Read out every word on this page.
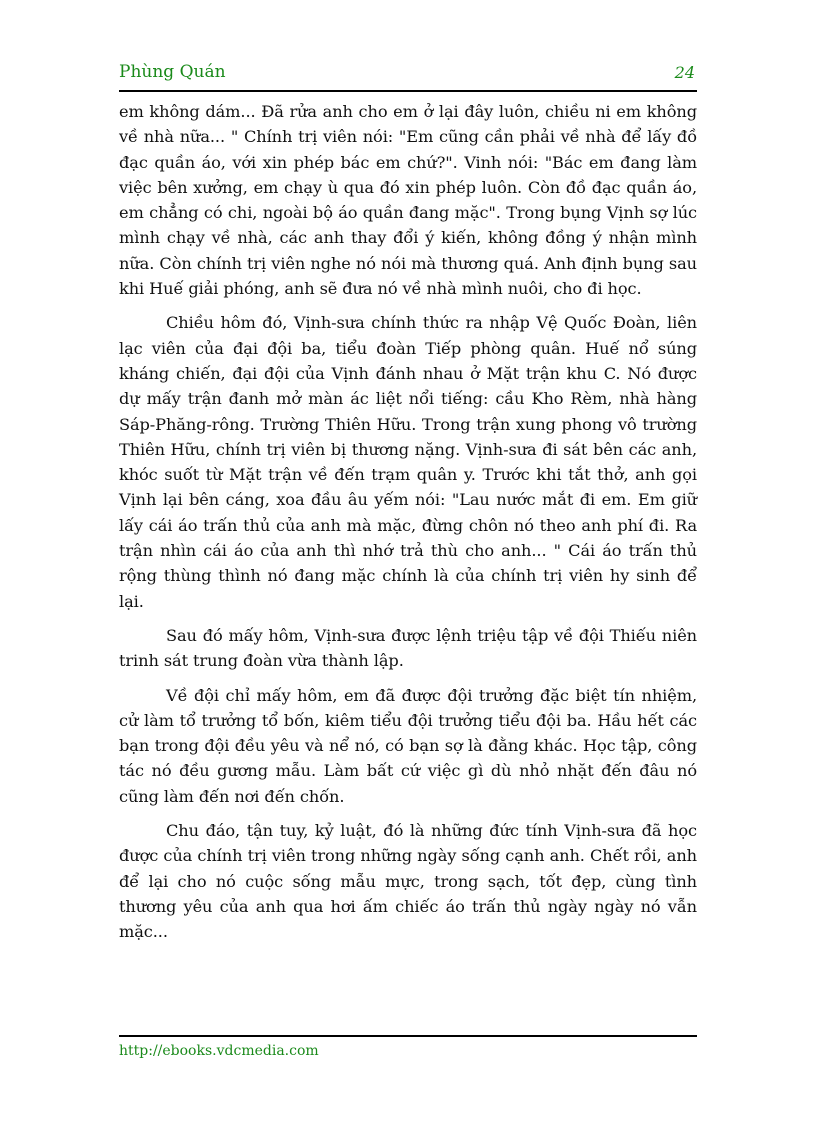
Phùng Quán	24

em không dám... Đã rửa anh cho em ở lại đây luôn, chiều ni em không về nhà nữa... " Chính trị viên nói: "Em cũng cần phải về nhà để lấy đồ đạc quần áo, với xin phép bác em chứ?". Vinh nói: "Bác em đang làm việc bên xưởng, em chạy ù qua đó xin phép luôn. Còn đồ đạc quần áo, em chẳng có chi, ngoài bộ áo quần đang mặc". Trong bụng Vịnh sợ lúc mình chạy về nhà, các anh thay đổi ý kiến, không đồng ý nhận mình nữa. Còn chính trị viên nghe nó nói mà thương quá. Anh định bụng sau khi Huế giải phóng, anh sẽ đưa nó về nhà mình nuôi, cho đi học.

Chiều hôm đó, Vịnh-sưa chính thức ra nhập Vệ Quốc Đoàn, liên lạc viên của đại đội ba, tiểu đoàn Tiếp phòng quân. Huế nổ súng kháng chiến, đại đội của Vịnh đánh nhau ở Mặt trận khu C. Nó được dự mấy trận đanh mở màn ác liệt nổi tiếng: cầu Kho Rèm, nhà hàng Sáp-Phăng-rông. Trường Thiên Hữu. Trong trận xung phong vô trường Thiên Hữu, chính trị viên bị thương nặng. Vịnh-sưa đi sát bên các anh, khóc suốt từ Mặt trận về đến trạm quân y. Trước khi tắt thở, anh gọi Vịnh lại bên cáng, xoa đầu âu yếm nói: "Lau nước mắt đi em. Em giữ lấy cái áo trấn thủ của anh mà mặc, đừng chôn nó theo anh phí đi. Ra trận nhìn cái áo của anh thì nhớ trả thù cho anh... " Cái áo trấn thủ rộng thùng thình nó đang mặc chính là của chính trị viên hy sinh để lại.

Sau đó mấy hôm, Vịnh-sưa được lệnh triệu tập về đội Thiếu niên trinh sát trung đoàn vừa thành lập.

Về đội chỉ mấy hôm, em đã được đội trưởng đặc biệt tín nhiệm, cử làm tổ trưởng tổ bốn, kiêm tiểu đội trưởng tiểu đội ba. Hầu hết các bạn trong đội đều yêu và nể nó, có bạn sợ là đằng khác. Học tập, công tác nó đều gương mẫu. Làm bất cứ việc gì dù nhỏ nhặt đến đâu nó cũng làm đến nơi đến chốn.

Chu đáo, tận tuy, kỷ luật, đó là những đức tính Vịnh-sưa đã học được của chính trị viên trong những ngày sống cạnh anh. Chết rồi, anh để lại cho nó cuộc sống mẫu mực, trong sạch, tốt đẹp, cùng tình thương yêu của anh qua hơi ấm chiếc áo trấn thủ ngày ngày nó vẫn mặc...

http://ebooks.vdcmedia.com
